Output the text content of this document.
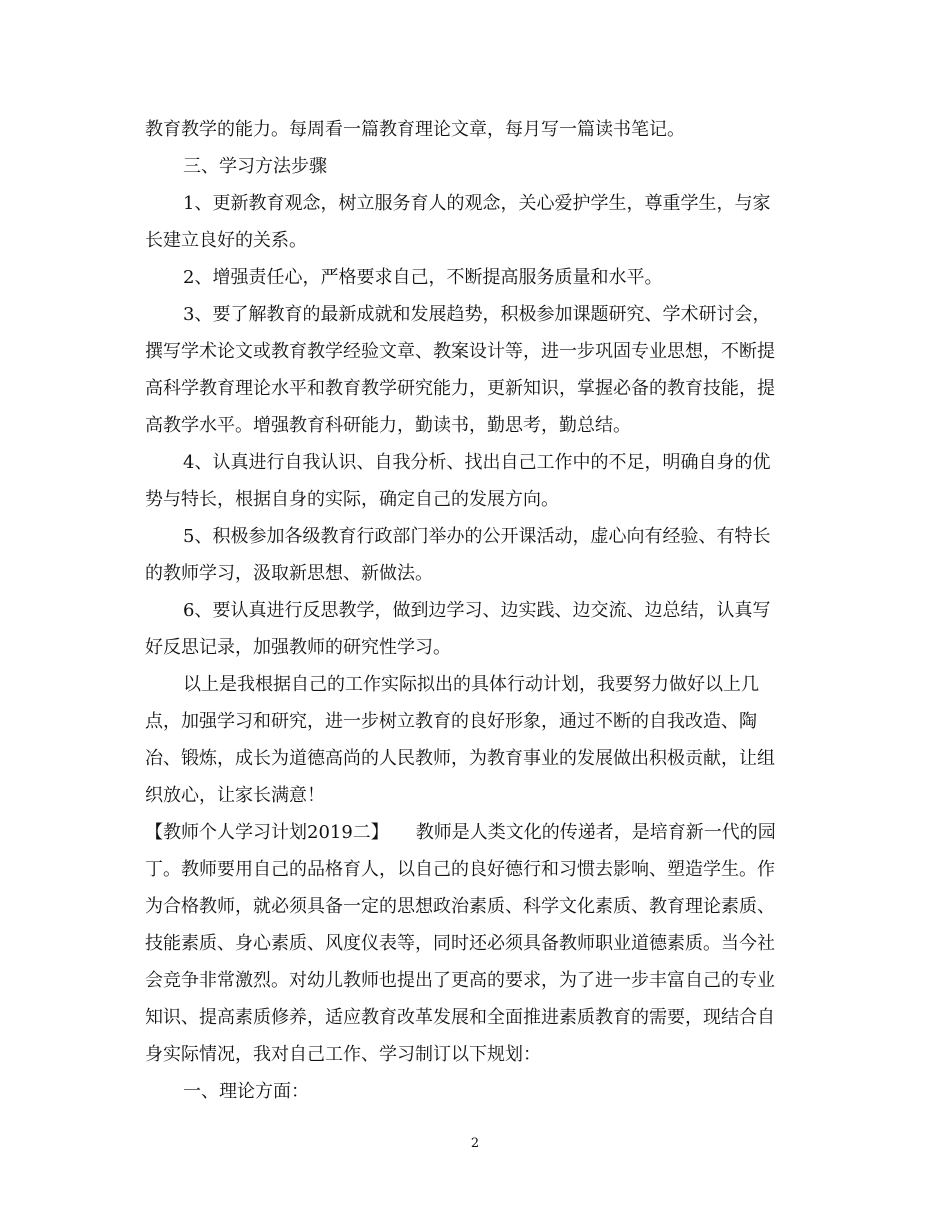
教育教学的能力。每周看一篇教育理论文章，每月写一篇读书笔记。
三、学习方法步骤
1、更新教育观念，树立服务育人的观念，关心爱护学生，尊重学生，与家
长建立良好的关系。
2、增强责任心，严格要求自己，不断提高服务质量和水平。
3、要了解教育的最新成就和发展趋势，积极参加课题研究、学术研讨会，
撰写学术论文或教育教学经验文章、教案设计等，进一步巩固专业思想，不断提
高科学教育理论水平和教育教学研究能力，更新知识，掌握必备的教育技能，提
高教学水平。增强教育科研能力，勤读书，勤思考，勤总结。
4、认真进行自我认识、自我分析、找出自己工作中的不足，明确自身的优
势与特长，根据自身的实际，确定自己的发展方向。
5、积极参加各级教育行政部门举办的公开课活动，虚心向有经验、有特长
的教师学习，汲取新思想、新做法。
6、要认真进行反思教学，做到边学习、边实践、边交流、边总结，认真写
好反思记录，加强教师的研究性学习。
以上是我根据自己的工作实际拟出的具体行动计划，我要努力做好以上几
点，加强学习和研究，进一步树立教育的良好形象，通过不断的自我改造、陶
冶、锻炼，成长为道德高尚的人民教师，为教育事业的发展做出积极贡献，让组
织放心，让家长满意！
【教师个人学习计划2019二】　　教师是人类文化的传递者，是培育新一代的园
丁。教师要用自己的品格育人，以自己的良好德行和习惯去影响、塑造学生。作
为合格教师，就必须具备一定的思想政治素质、科学文化素质、教育理论素质、
技能素质、身心素质、风度仪表等，同时还必须具备教师职业道德素质。当今社
会竞争非常激烈。对幼儿教师也提出了更高的要求，为了进一步丰富自己的专业
知识、提高素质修养，适应教育改革发展和全面推进素质教育的需要，现结合自
身实际情况，我对自己工作、学习制订以下规划：
一、理论方面：
2
